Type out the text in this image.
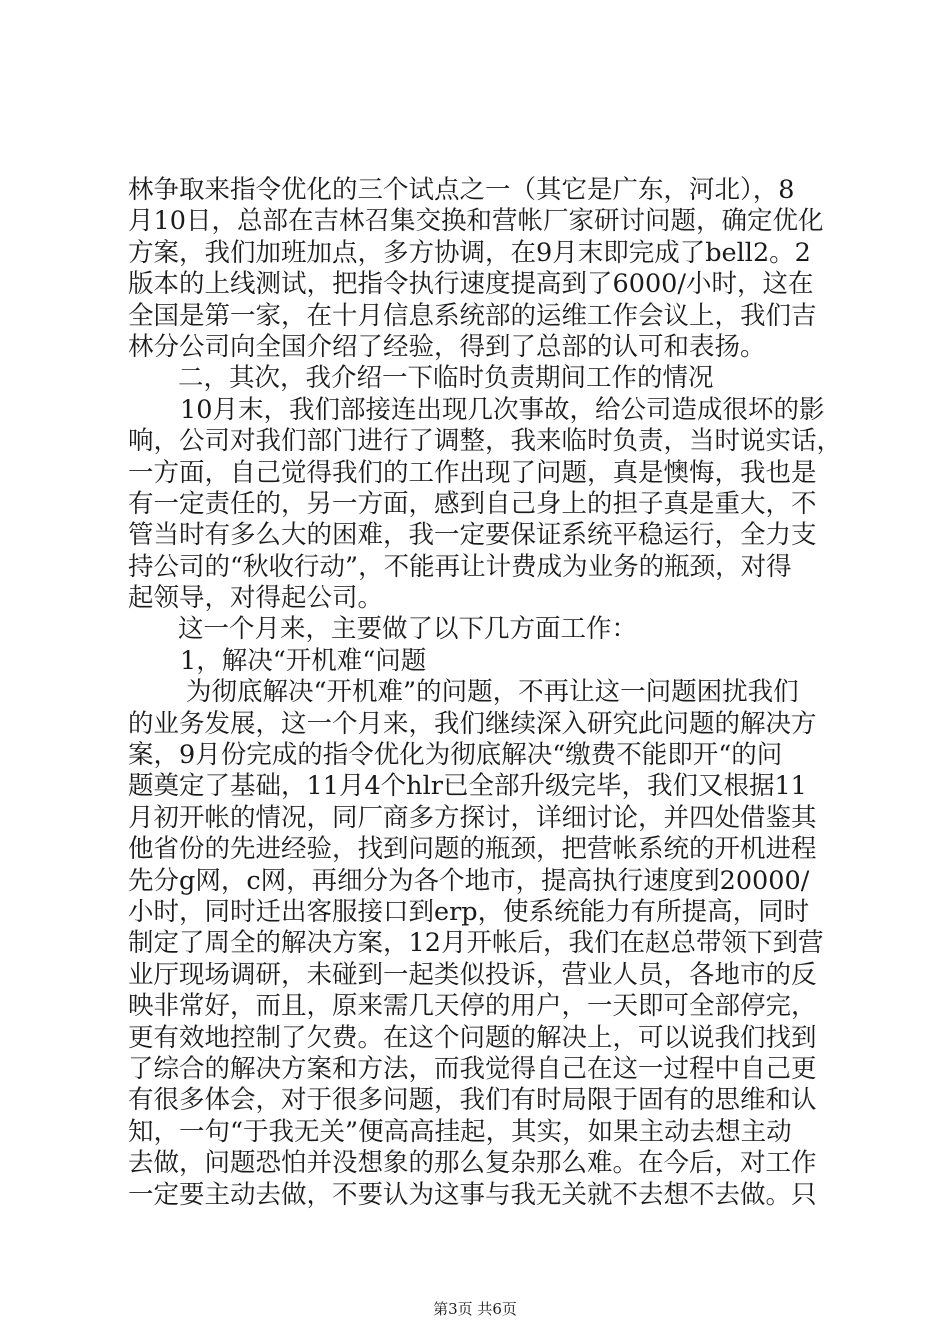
林争取来指令优化的三个试点之一（其它是广东，河北），8
月10日，总部在吉林召集交换和营帐厂家研讨问题，确定优化
方案，我们加班加点，多方协调，在9月末即完成了bell2。2
版本的上线测试，把指令执行速度提高到了6000/小时，这在
全国是第一家，在十月信息系统部的运维工作会议上，我们吉
林分公司向全国介绍了经验，得到了总部的认可和表扬。
二，其次，我介绍一下临时负责期间工作的情况
10月末，我们部接连出现几次事故，给公司造成很坏的影
响，公司对我们部门进行了调整，我来临时负责，当时说实话，
一方面，自己觉得我们的工作出现了问题，真是懊悔，我也是
有一定责任的，另一方面，感到自己身上的担子真是重大，不
管当时有多么大的困难，我一定要保证系统平稳运行，全力支
持公司的“秋收行动”，不能再让计费成为业务的瓶颈，对得
起领导，对得起公司。
这一个月来，主要做了以下几方面工作：
1，解决“开机难“问题
为彻底解决“开机难”的问题，不再让这一问题困扰我们
的业务发展，这一个月来，我们继续深入研究此问题的解决方
案，9月份完成的指令优化为彻底解决“缴费不能即开“的问
题奠定了基础，11月4个hlr已全部升级完毕，我们又根据11
月初开帐的情况，同厂商多方探讨，详细讨论，并四处借鉴其
他省份的先进经验，找到问题的瓶颈，把营帐系统的开机进程
先分g网，c网，再细分为各个地市，提高执行速度到20000/
小时，同时迁出客服接口到erp，使系统能力有所提高，同时
制定了周全的解决方案，12月开帐后，我们在赵总带领下到营
业厅现场调研，未碰到一起类似投诉，营业人员，各地市的反
映非常好，而且，原来需几天停的用户，一天即可全部停完，
更有效地控制了欠费。在这个问题的解决上，可以说我们找到
了综合的解决方案和方法，而我觉得自己在这一过程中自己更
有很多体会，对于很多问题，我们有时局限于固有的思维和认
知，一句“于我无关”便高高挂起，其实，如果主动去想主动
去做，问题恐怕并没想象的那么复杂那么难。在今后，对工作
一定要主动去做，不要认为这事与我无关就不去想不去做。只
第3页 共6页
